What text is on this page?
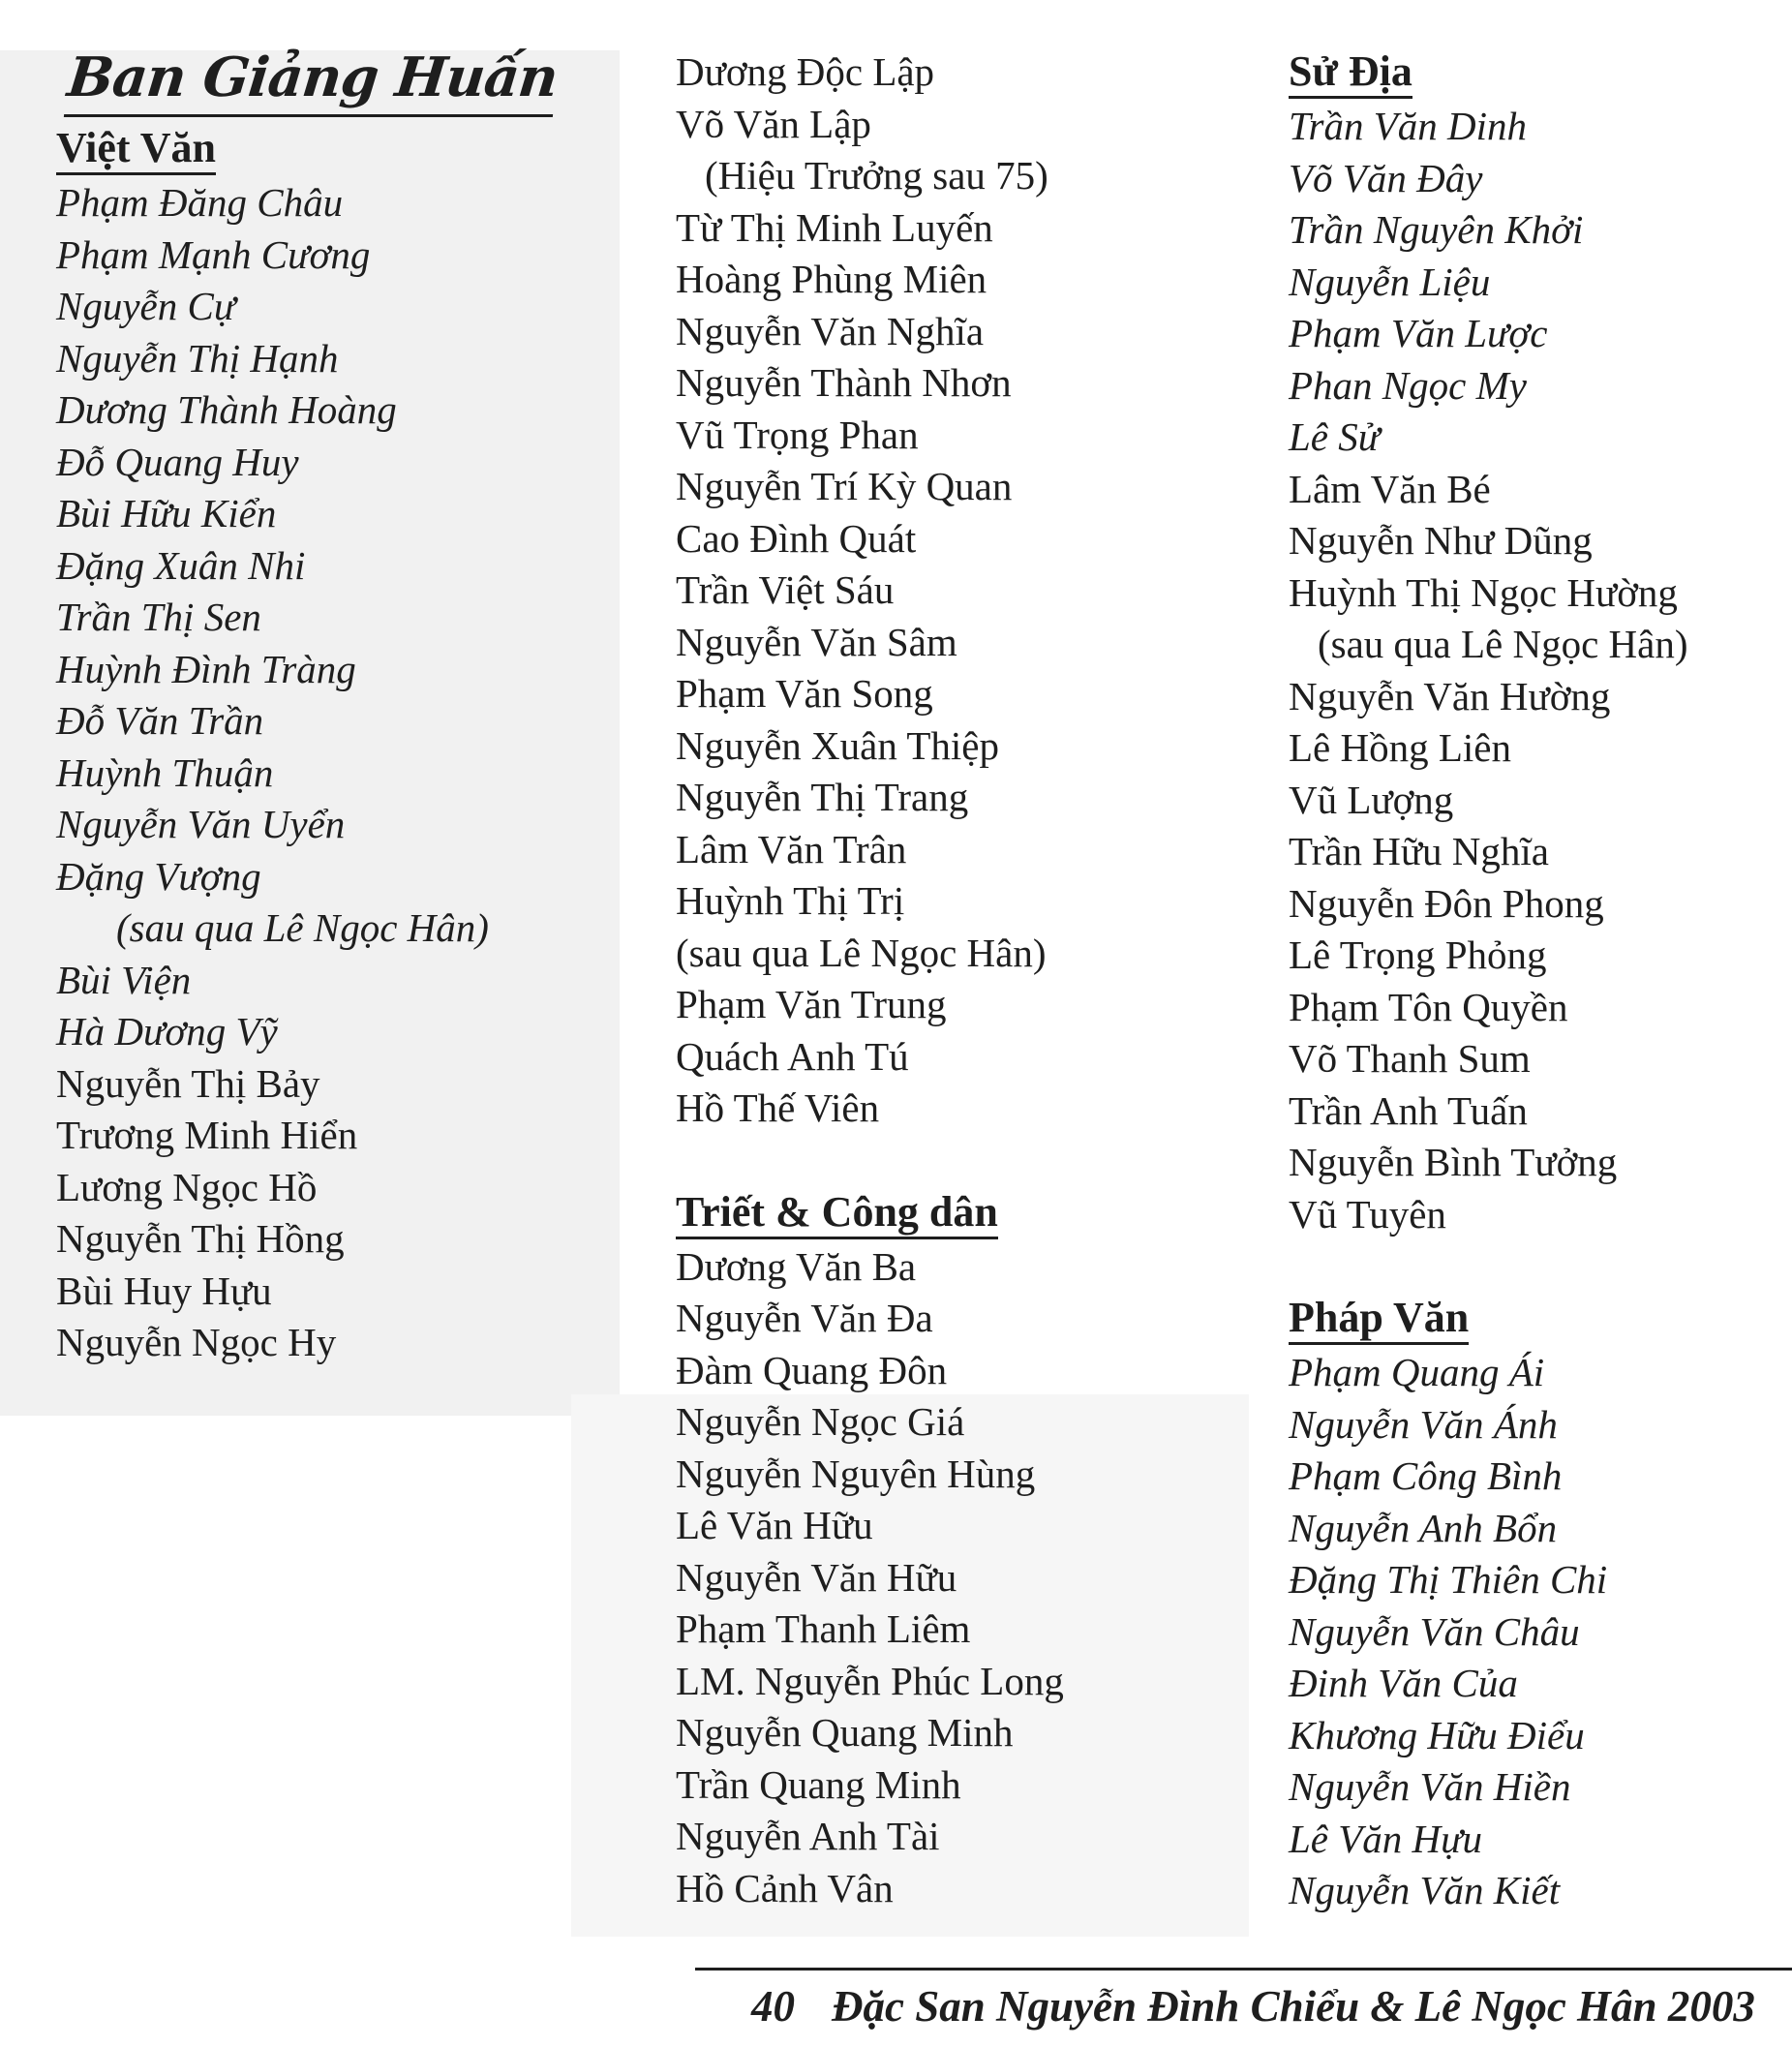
Ban Giảng Huấn
Việt Văn
Phạm Đăng Châu
Phạm Mạnh Cương
Nguyễn Cự
Nguyễn Thị Hạnh
Dương Thành Hoàng
Đỗ Quang Huy
Bùi Hữu Kiển
Đặng Xuân Nhi
Trần Thị Sen
Huỳnh Đình Tràng
Đỗ Văn Trần
Huỳnh Thuận
Nguyễn Văn Uyển
Đặng Vượng
(sau qua Lê Ngọc Hân)
Bùi Viện
Hà Dương Vỹ
Nguyễn Thị Bảy
Trương Minh Hiển
Lương Ngọc Hồ
Nguyễn Thị Hồng
Bùi Huy Hựu
Nguyễn Ngọc Hy
Dương Độc Lập
Võ Văn Lập
(Hiệu Trưởng sau 75)
Từ Thị Minh Luyến
Hoàng Phùng Miên
Nguyễn Văn Nghĩa
Nguyễn Thành Nhơn
Vũ Trọng Phan
Nguyễn Trí Kỳ Quan
Cao Đình Quát
Trần Việt Sáu
Nguyễn Văn Sâm
Phạm Văn Song
Nguyễn Xuân Thiệp
Nguyễn Thị Trang
Lâm Văn Trân
Huỳnh Thị Trị
(sau qua Lê Ngọc Hân)
Phạm Văn Trung
Quách Anh Tú
Hồ Thế Viên
Triết & Công dân
Dương Văn Ba
Nguyễn Văn Đa
Đàm Quang Đôn
Nguyễn Ngọc Giá
Nguyễn Nguyên Hùng
Lê Văn Hữu
Nguyễn Văn Hữu
Phạm Thanh Liêm
LM. Nguyễn Phúc Long
Nguyễn Quang Minh
Trần Quang Minh
Nguyễn Anh Tài
Hồ Cảnh Vân
Sử Địa
Trần Văn Dinh
Võ Văn Đây
Trần Nguyên Khởi
Nguyễn Liệu
Phạm Văn Lược
Phan Ngọc My
Lê Sử
Lâm Văn Bé
Nguyễn Như Dũng
Huỳnh Thị Ngọc Hường
(sau qua Lê Ngọc Hân)
Nguyễn Văn Hường
Lê Hồng Liên
Vũ Lượng
Trần Hữu Nghĩa
Nguyễn Đôn Phong
Lê Trọng Phỏng
Phạm Tôn Quyền
Võ Thanh Sum
Trần Anh Tuấn
Nguyễn Bình Tưởng
Vũ Tuyên
Pháp Văn
Phạm Quang Ái
Nguyễn Văn Ánh
Phạm Công Bình
Nguyễn Anh Bổn
Đặng Thị Thiên Chi
Nguyễn Văn Châu
Đinh Văn Của
Khương Hữu Điểu
Nguyễn Văn Hiền
Lê Văn Hựu
Nguyễn Văn Kiết
40 Đặc San Nguyễn Đình Chiểu & Lê Ngọc Hân 2003
